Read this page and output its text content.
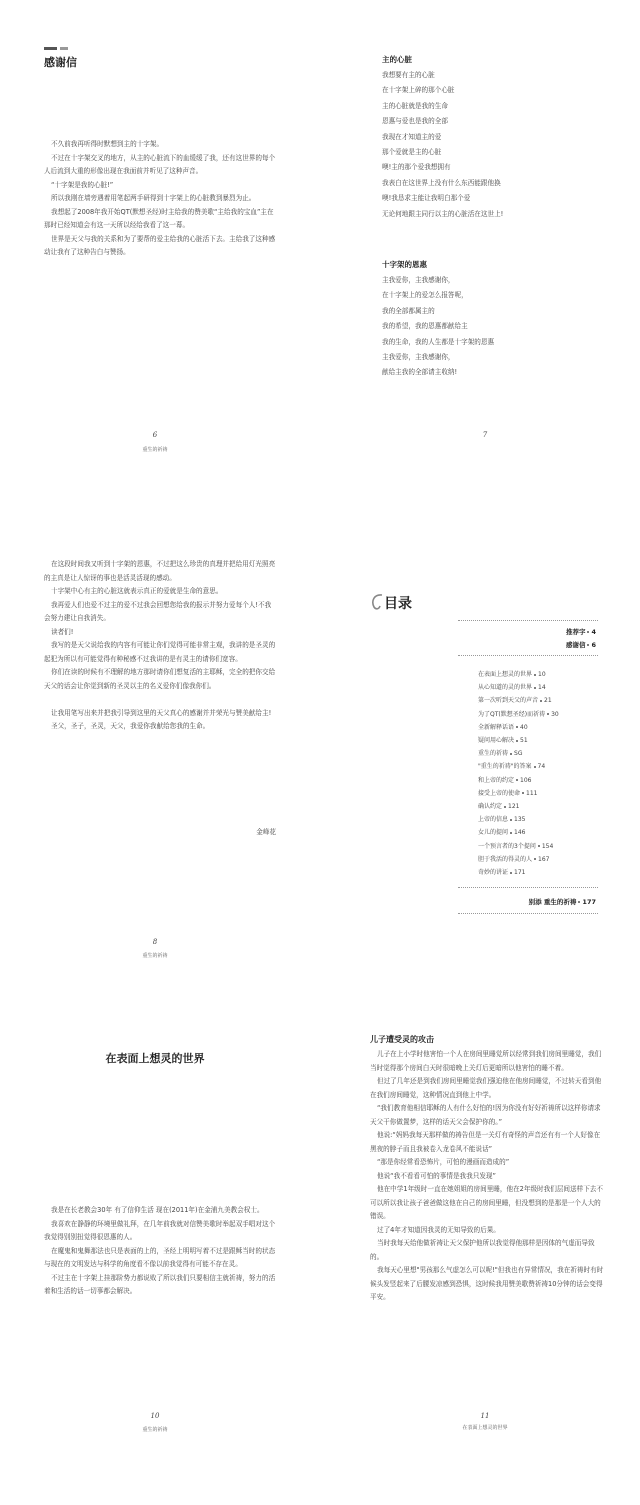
感谢信

不久前我再听得时默想到主的十字架。

不过在十字架交叉的地方，从主的心脏流下的血缓缓了我，还有这世界的每个人后流到大重的形像出现在我面前并听见了这种声音。

“十字架是我的心脏!”

所以我刚在墙旁遇着用笔起两手研得到十字架上的心脏教到暴烈为止。

我想起了2008年我开始QT(默想圣经)时主给我的赞美歌“主给我的宝血”主在那时已经知道会有这一天所以经给我看了这一幕。

世界是天父与我的关系和为了要帮的爱主给我的心脏活下去。主给我了这种感动让我有了这种告白与赞扬。

6
重生的祈祷
主的心脏

我想要有主的心脏

在十字架上碎的那个心脏

主的心脏就是我的生命

恩惠与爱也是我的全部

我现在才知道主的爱

那个爱就是主的心脏

噢!主的那个爱我想拥有

我表白在这世界上没有什么东西能跟他换

噢!我恳求主能让我明白那个爱

无论何地跟主同行以主的心脏活在这世上!

十字架的恩惠

主我爱你，主我感谢你，

在十字架上的爱怎么报答呢，

我的全部都属主的

我的希望，我的恩惠都献给主

我的生命，我的人生都是十字架的恩惠

主我爱你，主我感谢你，

献给主我的全部请主收纳!

7

在这段时间我又听到十字架的恩惠，不过把这么珍贵的真理并把给用灯光照亮的主真是让人惊讶的事也是活灵活现的感动。

十字架中心有主的心脏这就表示真正的爱就是生命的意思。

我再爱人们也爱不过主的爱不过我会回想您给我的报示并努力爱每个人!不我会努力建让自我消失。

读者们!

我写的是天父说给我的内容有可能让你们觉得可能非常主观，我讲的是圣灵的起犯为所以有可能觉得有种秘感不过我讲的是有灵主的请你们宽容。

你们在读的时候有不理解的地方那时请你们想复活的主耶稣，完全的把你交给天父的话会让你觉到新的圣灵以主的名义爱你们像我你们。

让我用笔写出来并把我引导到这里的天父真心的感谢并并荣光与赞美献给主!

圣父，圣子，圣灵，天父，我爱你我献给您我的生命。

金峰花
8
重生的祈祷
目录
推荐字 4
感谢信 6
在表面上想灵的世界 10
从心知道的灵的世界 14
第一次听到天父的声音 21
为了QT(默想圣经)而祈祷 30
全新解释话语 40
疑问用心解决 51
重生的祈祷 SG
"重生的祈祷"的答案 74
和上帝的约定 106
接受上帝的使命 111
确认约定 121
上帝的信息 135
女儿的提问 146
一个预言者的3个提问 154
胆于我活的得灵的人 167
奇妙的讲证 171
别添 重生的祈祷 177
在表面上想灵的世界

我是在长老教会30年 有了信仰生活 现在(2011年)在金浦九美教会权士。

我喜欢在静静的环境里做礼拜，在几年前我就对信赞美歌时举起双手唱对这个我觉得别别扭觉得很恩惠的人。

在魔鬼和鬼舞那法也只是表面的上的，圣经上明明写着不过是跟稣当时的状态与现在的文明发达与科学的角度看不像以前我觉得有可能不存在灵。

不过主在十字架上挂那阶势力都说败了所以我们只要相信主就祈祷，努力的活着和生活的话一切事都会解决。

10
重生的祈祷
儿子遭受灵的攻击

儿子在上小学时他害怕一个人在房间里睡觉所以经常到我们房间里睡觉，我们当时觉得那个房间白天时很暗晚上关灯后更暗所以他害怕的睡不着。

但过了几年还是到我们房间里睡觉我们强迫他在他房间睡觉，不过转天看到他在我们房间睡觉，这种情况直到他上中学。

“我们教育他相信耶稣的人有什么好怕的!因为你没有好好祈祷所以这样你请求天父干你做置梦，这样的话天父会保护你的。”

他说:“妈妈我每天那样做的祷告但是一关灯有奇怪的声音还有有一个人好像在黑夜的脖子而且我被卷入龙卷风不能说话”

“那是你经常看恐怖片，可怕的漫画而造成的”

他说“我不看看可怕的事情是我我只发现”

他在中学1年级时一直在她姐姐的房间里睡，他在2年级时我们层间送样下去不可以所以我让孩子爸爸做这他在自己的房间里睡，但没想到的是那是一个人大的错误。

过了4年才知道因我灵的无知导致的后果。

当时我每天给他做祈祷让天父保护他所以我觉得他那样是因体的气虚而导致的。

我每天心里想"男孩那么气虚怎么可以呢!"但我也有异常情况，我在祈祷时有时候头发竖起来了后腰发凉感到恐惧，这时候我用赞美歌赞祈祷10分钟的话会变得平安。

11
在表面上想灵的世界
